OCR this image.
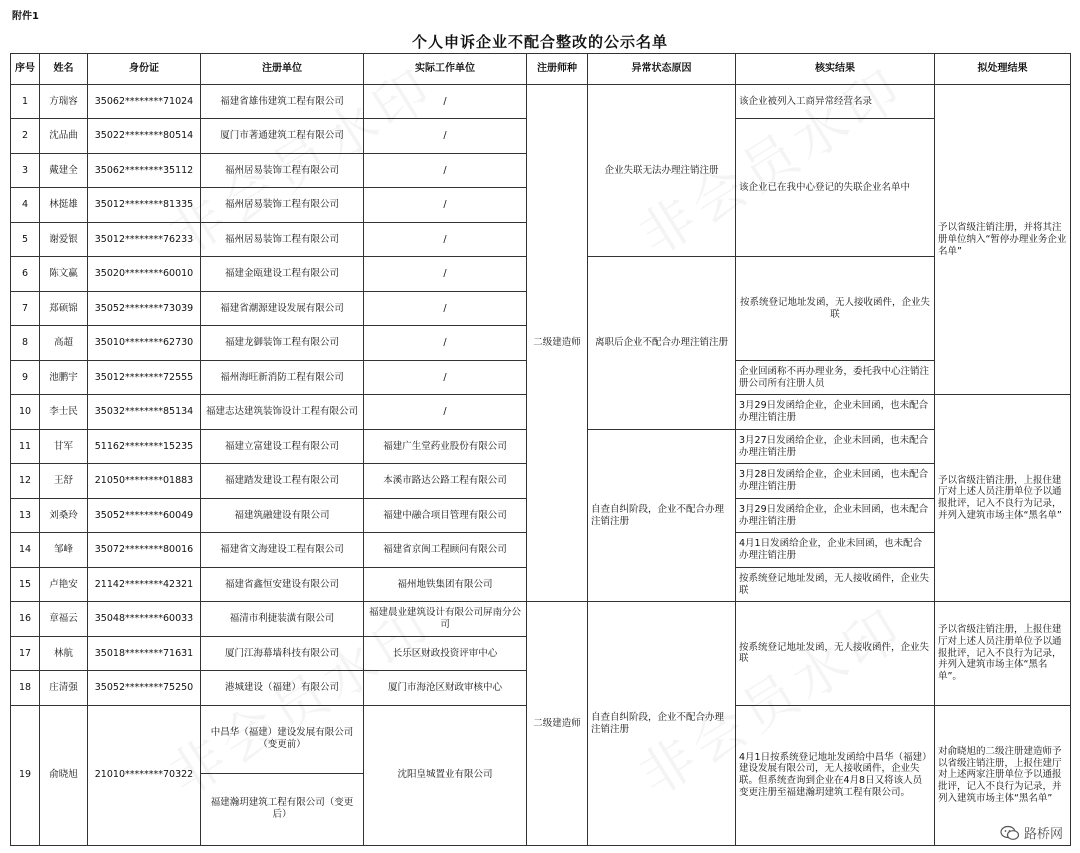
附件1
个人申诉企业不配合整改的公示名单
序号	姓名	身份证	注册单位	实际工作单位	注册师种	异常状态原因	核实结果	拟处理结果
1	方瑞容	35062********71024	福建省雄伟建筑工程有限公司	/	二级建造师	企业失联无法办理注销注册	该企业被列入工商异常经营名录	予以省级注销注册，并将其注册单位纳入“暂停办理业务企业名单”
2	沈品曲	35022********80514	厦门市著通建筑工程有限公司	/			该企业已在我中心登记的失联企业名单中	
3	戴建全	35062********35112	福州居易装饰工程有限公司	/				
4	林挺雄	35012********81335	福州居易装饰工程有限公司	/				
5	谢爱银	35012********76233	福州居易装饰工程有限公司	/				
6	陈文赢	35020********60010	福建金瓯建设工程有限公司	/		离职后企业不配合办理注销注册	按系统登记地址发函，无人接收函件，企业失联	
7	郑硕锦	35052********73039	福建省潮源建设发展有限公司	/				
8	高超	35010********62730	福建龙御装饰工程有限公司	/				
9	池鹏宇	35012********72555	福州海旺新消防工程有限公司	/			企业回函称不再办理业务，委托我中心注销注册公司所有注册人员	
10	李士民	35032********85134	福建志达建筑装饰设计工程有限公司	/			3月29日发函给企业，企业未回函，也未配合办理注销注册	予以省级注销注册，上报住建厅对上述人员注册单位予以通报批评，记入不良行为记录，并列入建筑市场主体“黑名单”
11	甘军	51162********15235	福建立富建设工程有限公司	福建广生堂药业股份有限公司		自查自纠阶段，企业不配合办理注销注册	3月27日发函给企业，企业未回函，也未配合办理注销注册	
12	王舒	21050********01883	福建踏发建设工程有限公司	本溪市路达公路工程有限公司			3月28日发函给企业，企业未回函，也未配合办理注销注册	
13	刘桑玲	35052********60049	福建筑融建设有限公司	福建中融合项目管理有限公司			3月29日发函给企业，企业未回函，也未配合办理注销注册	
14	邹峰	35072********80016	福建省文海建设工程有限公司	福建省京闽工程顾问有限公司			4月1日发函给企业，企业未回函，也未配合办理注销注册	
15	卢艳安	21142********42321	福建省鑫恒安建设有限公司	福州地铁集团有限公司			按系统登记地址发函，无人接收函件，企业失联	
16	章福云	35048********60033	福清市利捷装潢有限公司	福建晨业建筑设计有限公司屏南分公司	二级建造师	自查自纠阶段，企业不配合办理注销注册	按系统登记地址发函，无人接收函件，企业失联	予以省级注销注册，上报住建厅对上述人员注册单位予以通报批评，记入不良行为记录，并列入建筑市场主体“黑名单”。
17	林航	35018********71631	厦门江海幕墙科技有限公司	长乐区财政投资评审中心				
18	庄清强	35052********75250	港城建设（福建）有限公司	厦门市海沧区财政审核中心				
19	俞晓旭	21010********70322	中昌华（福建）建设发展有限公司（变更前）	沈阳皇城置业有限公司			4月1日按系统登记地址发函给中昌华（福建）建设发展有限公司，无人接收函件，企业失联。但系统查询到企业在4月8日又将该人员变更注册至福建瀚玥建筑工程有限公司。	对俞晓旭的二级注册建造师予以省级注销注册，上报住建厅对上述两家注册单位予以通报批评，记入不良行为记录，并列入建筑市场主体“黑名单”
			福建瀚玥建筑工程有限公司（变更后）					
路桥网
